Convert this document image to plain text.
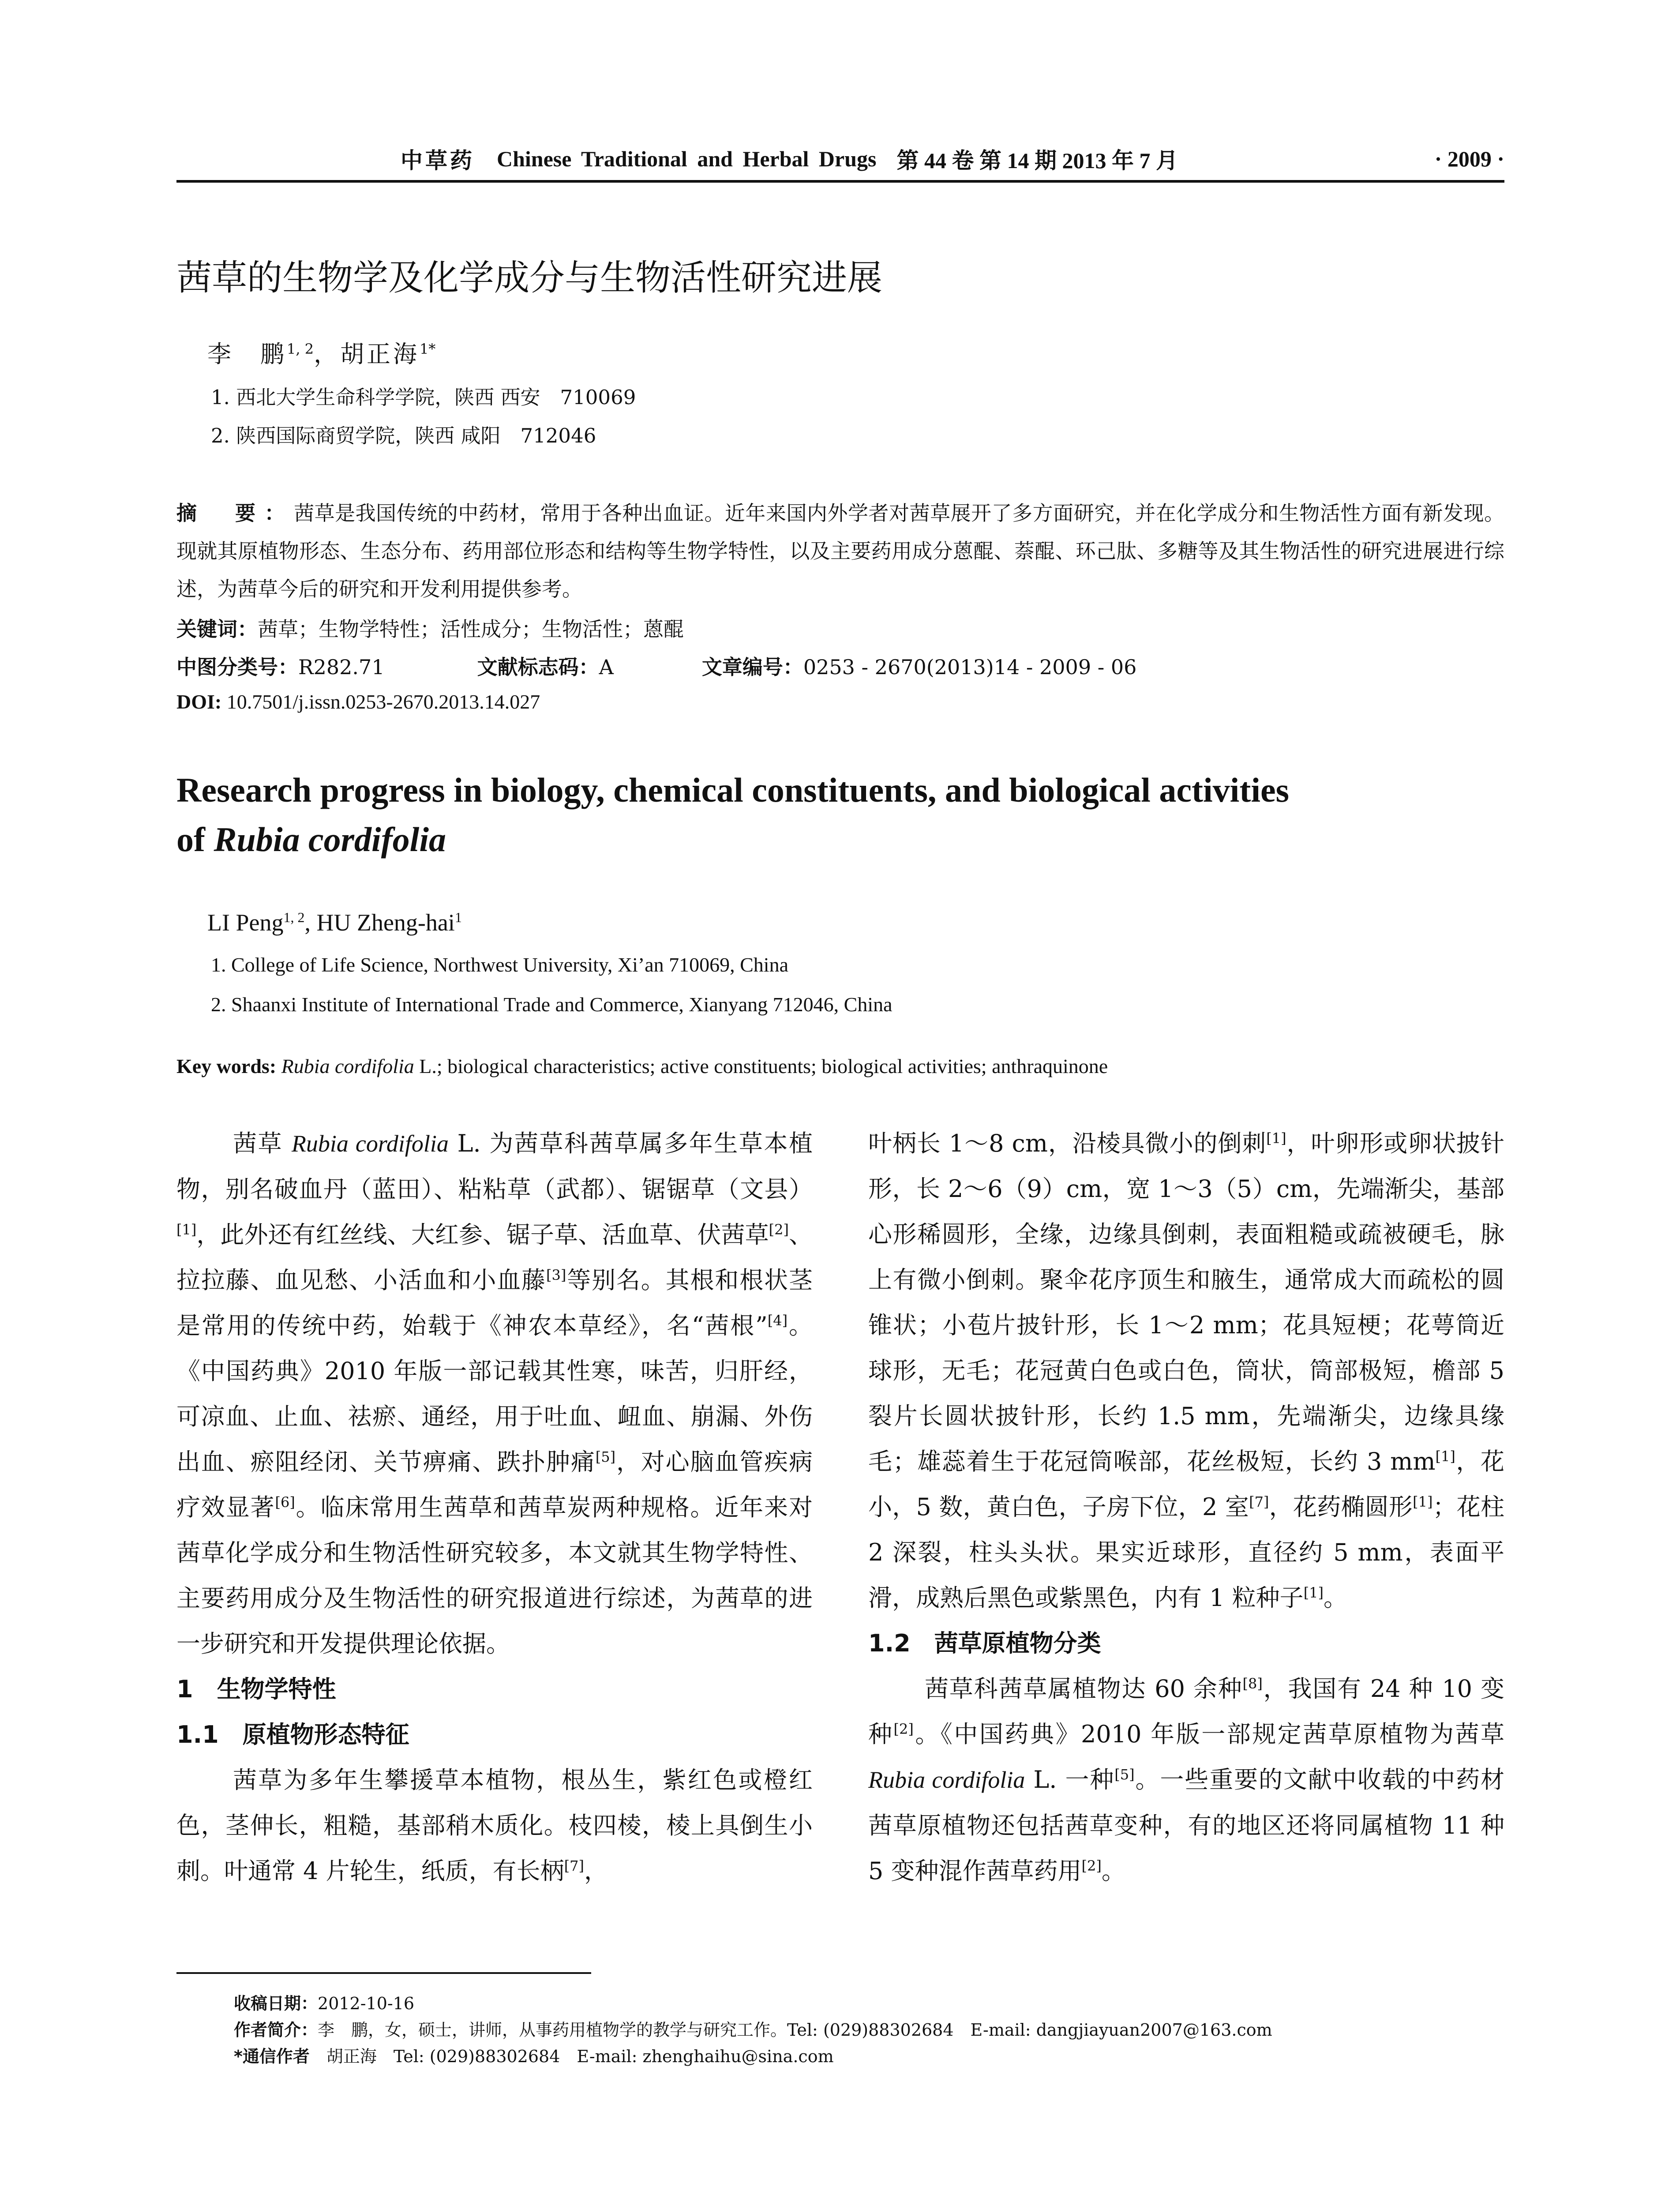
中草药 Chinese Traditional and Herbal Drugs 第 44 卷 第 14 期 2013 年 7 月	· 2009 ·
茜草的生物学及化学成分与生物活性研究进展
李　鹏$^{1, 2}$，胡正海$^{1*}$
1. 西北大学生命科学学院，陕西 西安　710069
2. 陕西国际商贸学院，陕西 咸阳　712046
摘　要：茜草是我国传统的中药材，常用于各种出血证。近年来国内外学者对茜草展开了多方面研究，并在化学成分和生物活性方面有新发现。现就其原植物形态、生态分布、药用部位形态和结构等生物学特性，以及主要药用成分蒽醌、萘醌、环己肽、多糖等及其生物活性的研究进展进行综述，为茜草今后的研究和开发利用提供参考。
关键词：茜草；生物学特性；活性成分；生物活性；蒽醌
中图分类号：R282.71	文献标志码：A	文章编号：0253 - 2670(2013)14 - 2009 - 06
DOI: 10.7501/j.issn.0253-2670.2013.14.027
Research progress in biology, chemical constituents, and biological activities
of Rubia cordifolia
LI Peng$^{1, 2}$, HU Zheng-hai$^1$
1. College of Life Science, Northwest University, Xi’an 710069, China
2. Shaanxi Institute of International Trade and Commerce, Xianyang 712046, China
Key words: Rubia cordifolia L.; biological characteristics; active constituents; biological activities; anthraquinone

茜草 Rubia cordifolia L. 为茜草科茜草属多年生草本植物，别名破血丹（蓝田）、粘粘草（武都）、锯锯草（文县）[1]，此外还有红丝线、大红参、锯子草、活血草、伏茜草[2]、拉拉藤、血见愁、小活血和小血藤[3]等别名。其根和根状茎是常用的传统中药，始载于《神农本草经》，名“茜根”[4]。《中国药典》2010 年版一部记载其性寒，味苦，归肝经，可凉血、止血、祛瘀、通经，用于吐血、衄血、崩漏、外伤出血、瘀阻经闭、关节痹痛、跌扑肿痛[5]，对心脑血管疾病疗效显著[6]。临床常用生茜草和茜草炭两种规格。近年来对茜草化学成分和生物活性研究较多，本文就其生物学特性、主要药用成分及生物活性的研究报道进行综述，为茜草的进一步研究和开发提供理论依据。

1　生物学特性

1.1　原植物形态特征

茜草为多年生攀援草本植物，根丛生，紫红色或橙红色，茎伸长，粗糙，基部稍木质化。枝四棱，棱上具倒生小刺。叶通常 4 片轮生，纸质，有长柄[7]，

叶柄长 1～8 cm，沿棱具微小的倒刺[1]，叶卵形或卵状披针形，长 2～6（9）cm，宽 1～3（5）cm，先端渐尖，基部心形稀圆形，全缘，边缘具倒刺，表面粗糙或疏被硬毛，脉上有微小倒刺。聚伞花序顶生和腋生，通常成大而疏松的圆锥状；小苞片披针形，长 1～2 mm；花具短梗；花萼筒近球形，无毛；花冠黄白色或白色，筒状，筒部极短，檐部 5 裂片长圆状披针形，长约 1.5 mm，先端渐尖，边缘具缘毛；雄蕊着生于花冠筒喉部，花丝极短，长约 3 mm[1]，花小，5 数，黄白色，子房下位，2 室[7]，花药椭圆形[1]；花柱 2 深裂，柱头头状。果实近球形，直径约 5 mm，表面平滑，成熟后黑色或紫黑色，内有 1 粒种子[1]。

1.2　茜草原植物分类

茜草科茜草属植物达 60 余种[8]，我国有 24 种 10 变种[2]。《中国药典》2010 年版一部规定茜草原植物为茜草 Rubia cordifolia L. 一种[5]。一些重要的文献中收载的中药材茜草原植物还包括茜草变种，有的地区还将同属植物 11 种 5 变种混作茜草药用[2]。

收稿日期：2012-10-16
作者简介：李　鹏，女，硕士，讲师，从事药用植物学的教学与研究工作。Tel: (029)88302684　E-mail: dangjiayuan2007@163.com
*通信作者　胡正海　Tel: (029)88302684　E-mail: zhenghaihu@sina.com
